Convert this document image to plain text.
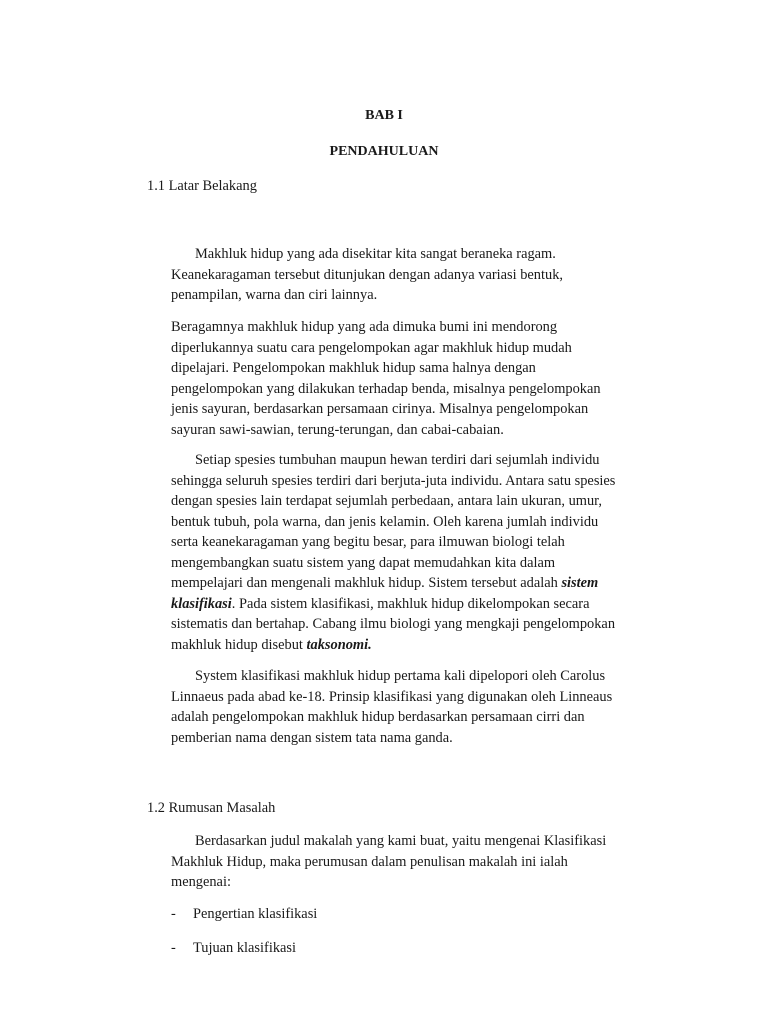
BAB I
PENDAHULUAN
1.1 Latar Belakang
Makhluk hidup yang ada disekitar kita sangat beraneka ragam.
Keanekaragaman tersebut ditunjukan dengan adanya variasi bentuk,
penampilan, warna dan ciri lainnya.
Beragamnya makhluk hidup yang ada dimuka bumi ini mendorong
diperlukannya suatu cara pengelompokan agar makhluk hidup mudah
dipelajari. Pengelompokan makhluk hidup sama halnya dengan
pengelompokan yang dilakukan terhadap benda, misalnya pengelompokan
jenis sayuran, berdasarkan persamaan cirinya. Misalnya pengelompokan
sayuran sawi-sawian, terung-terungan, dan cabai-cabaian.
Setiap spesies tumbuhan maupun hewan terdiri dari sejumlah individu
sehingga seluruh spesies terdiri dari berjuta-juta individu. Antara satu spesies
dengan spesies lain terdapat sejumlah perbedaan, antara lain ukuran, umur,
bentuk tubuh, pola warna, dan jenis kelamin. Oleh karena jumlah individu
serta keanekaragaman yang begitu besar, para ilmuwan biologi telah
mengembangkan suatu sistem yang dapat memudahkan kita dalam
mempelajari dan mengenali makhluk hidup. Sistem tersebut adalah sistem
klasifikasi. Pada sistem klasifikasi, makhluk hidup dikelompokan secara
sistematis dan bertahap. Cabang ilmu biologi yang mengkaji pengelompokan
makhluk hidup disebut taksonomi.
System klasifikasi makhluk hidup pertama kali dipelopori oleh Carolus
Linnaeus pada abad ke-18. Prinsip klasifikasi yang digunakan oleh Linneaus
adalah pengelompokan makhluk hidup berdasarkan persamaan cirri dan
pemberian nama dengan sistem tata nama ganda.
1.2 Rumusan Masalah
Berdasarkan judul makalah yang kami buat, yaitu mengenai Klasifikasi
Makhluk Hidup, maka perumusan dalam penulisan makalah ini ialah
mengenai:
- Pengertian klasifikasi
- Tujuan klasifikasi
